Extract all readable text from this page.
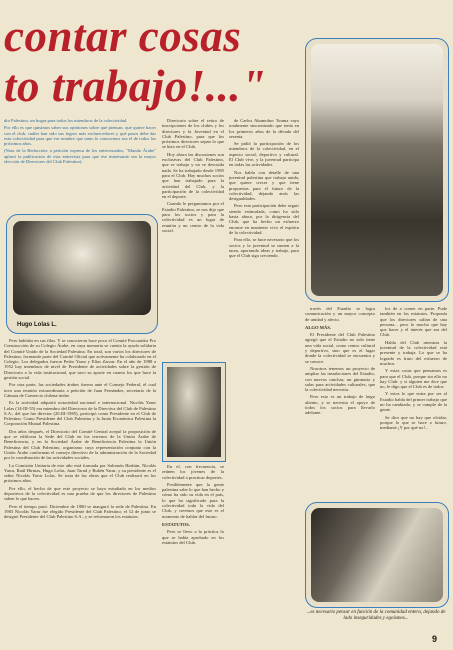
contar cosas
to trabajo!..."

dio Palestino, un hogar para todos los miembros de la colectividad.

Por ello es que quisimos saber sus opiniones sobre qué piensan, qué quiere hacer con el club, cuáles han sido sus logros más esclarecedores y qué pasos debe dar esta colectividad para que ese nombre que tanto le conocemos sea el de todos los próximos años.

(Nota de la Redacción: a petición expresa de los entrevistados, "Mundo Árabe" aplazó la publicación de esta entrevista para que ése interesante sea la mayor elección de Directores del Club Palestino).

Hugo Lolas L.

Pero hablaba en sus filas. Y se conocieron hace poco el Comité Procurador Pro Construcción de su Colegio Árabe, en cuya memoria se cuenta la ayuda solidaria del Comité Unido de la Sociedad Palestina. En total, son varios los directores de Palestino, formando parte del Comité Oficial que activamente ha colaborado en el Colegio. Los delegados fueron Pedro Yarur y Elías Zarzar. En el año de 1988 a 1952 hay miembros de nivel de Presidente de actividades sobre la gestión de Directorio a la vida institucional, que tuvo su aporte en cuanto los que hace la gestión social.

Por otra parte, las sociedades árabes fueron ante el Consejo Federal, el cual tuvo una reunión extraordinaria a petición de Juan Fernández, secretario de la Cámara de Comercio chilena-árabe.

Es la actividad adquirió notoriedad nacional e internacional. Nicolás Yarur Lolas (14-III-55) era miembro del Directorio de la Directiva del Club de Palestino S.A.; del que fue director (20.III-1985), participó como Presidente en el Club de Palestino. Como Presidente del Club Palestino y la Junta Económica Palestina la Corporación Mutual Palestina.

Dos años después, el Directorio del Comité Central aceptó la proposición de que se edificara la Sede del Club en los terrenos de la Unión Árabe de Beneficencia, y en la Sociedad Árabe de Beneficencia Palestina la Unión Palestina del Club Palestino, organismo cuya representación conjunta con la Unión Árabe conforman el consejo directivo de la administración de la Sociedad por la coordinación de las actividades sociales.

La Comisión Unitaria de este año está formada por Salomón Hasbún, Nicolás Yarur, Raúl Hirmas, Hugo Lolas, Juan Tarud y Rubén Yarur, y su presidente es el señor Nicolás Yarur Lolas. Se trata de las obras que el Club realizará en los próximos años.

Por ello, el hecho de que este proyecto se haya estudiado en los medios deportivos de la colectividad es una prueba de que los directores de Palestino saben lo que hacen.

Pero el tiempo pasó. Diciembre de 1980 se inauguró la sede de Palestino. En 1983 Nicolás Yarur fue elegido Presidente del Club Palestino; el 12 de junio se designó Presidente del Club Palestino S.A., y se reformaron los estatutos.

Directorio sobre el retiro de inscripciones de los clubes y los directores y la Juventud en el Club Palestino, para que los próximos directores sepan lo que se hizo en el Club.

Hoy ahora las discusiones son exclusivas del Club Palestino, que se trabaja y no se descuida nada. Se ha trabajado desde 1985 para el Club. Hay muchos socios que han trabajado para la actividad del Club, y la participación de la colectividad en el deporte.

Cuando le preguntamos por el Estadio Palestino, se nos dijo que para los socios y para la colectividad es un lugar de reunión y un centro de la vida social.

En el, con frecuencia, se reúnen los jóvenes de la colectividad a practicar deportes.

Posiblemente que la gente palestina sabe lo que han hecho y cómo ha sido su vida en el país, lo que ha significado para la colectividad toda la vida del Club, y creemos que este es el momento de hablar del futuro.

ESTATUTOS.

Pero se llevo a la práctica lo que se había aprobado en los estatutos del Club.

de Carlos Abumohor Touma vaya totalmente sincronizado que tenía en los primeros años de la década del sesenta.

Se pidió la participación de los miembros de la colectividad, en el aspecto social, deportivo y cultural. El Club vive, y la juventud participa en todas las actividades.

Nos habla con detalle de una juventud palestina que trabaja unida, que quiere crecer y que tiene propuestas para el futuro de la colectividad, dejando atrás las desigualdades.

Pero esta participación debe seguir siendo estimulada, como ha sido hasta ahora, por la dirigencia del Club, que ha hecho un esfuerzo enorme en mantener vivo el espíritu de la colectividad.

Para ello, se hace necesario que los socios y la juventud se sumen a la tarea, aportando ideas y trabajo, para que el Club siga creciendo.

través del Estadio se logra comunicación y un mayor concepto de unidad y afecto.

ALGO MÁS.

El Presidente del Club Palestino agregó que el Estadio no solo tiene una vida social, como centro cultural y deportivo, sino que es el lugar donde la colectividad se encuentra y se conoce.

Nosotros tenemos un proyecto de ampliar las instalaciones del Estadio, con nuevas canchas, un gimnasio y salas para actividades culturales, que la colectividad necesita.

Pero esto es un trabajo de largo aliento, y se necesita el apoyo de todos los socios para llevarlo adelante.

los de a comer en parte. Pude también en los estatutos. Proponía que los directores salían de una persona... pero lo mucho que hay que hacer y el interés que sea del Club.

Habla del Club mientras la juventud de la colectividad está presente y trabaja. Lo que se ha logrado es fruto del esfuerzo de muchos.

Y estas cosas que pensamos es para que el Club, porque sin ello no hay Club: y si alguien me dice que no, le digo que el Club es de todos.

Y estos lo que entra por ser al Estadio habla del primer trabajo que no ha cambiado, y se cumple de la gente.

Se dice que no hay que olvidar, porque lo que se hace a futuro, mediante ¡Y por qué no!...

...es necesario pensar en función de la comunidad entera, dejando de lado inseguridades y egoísmos...
9
